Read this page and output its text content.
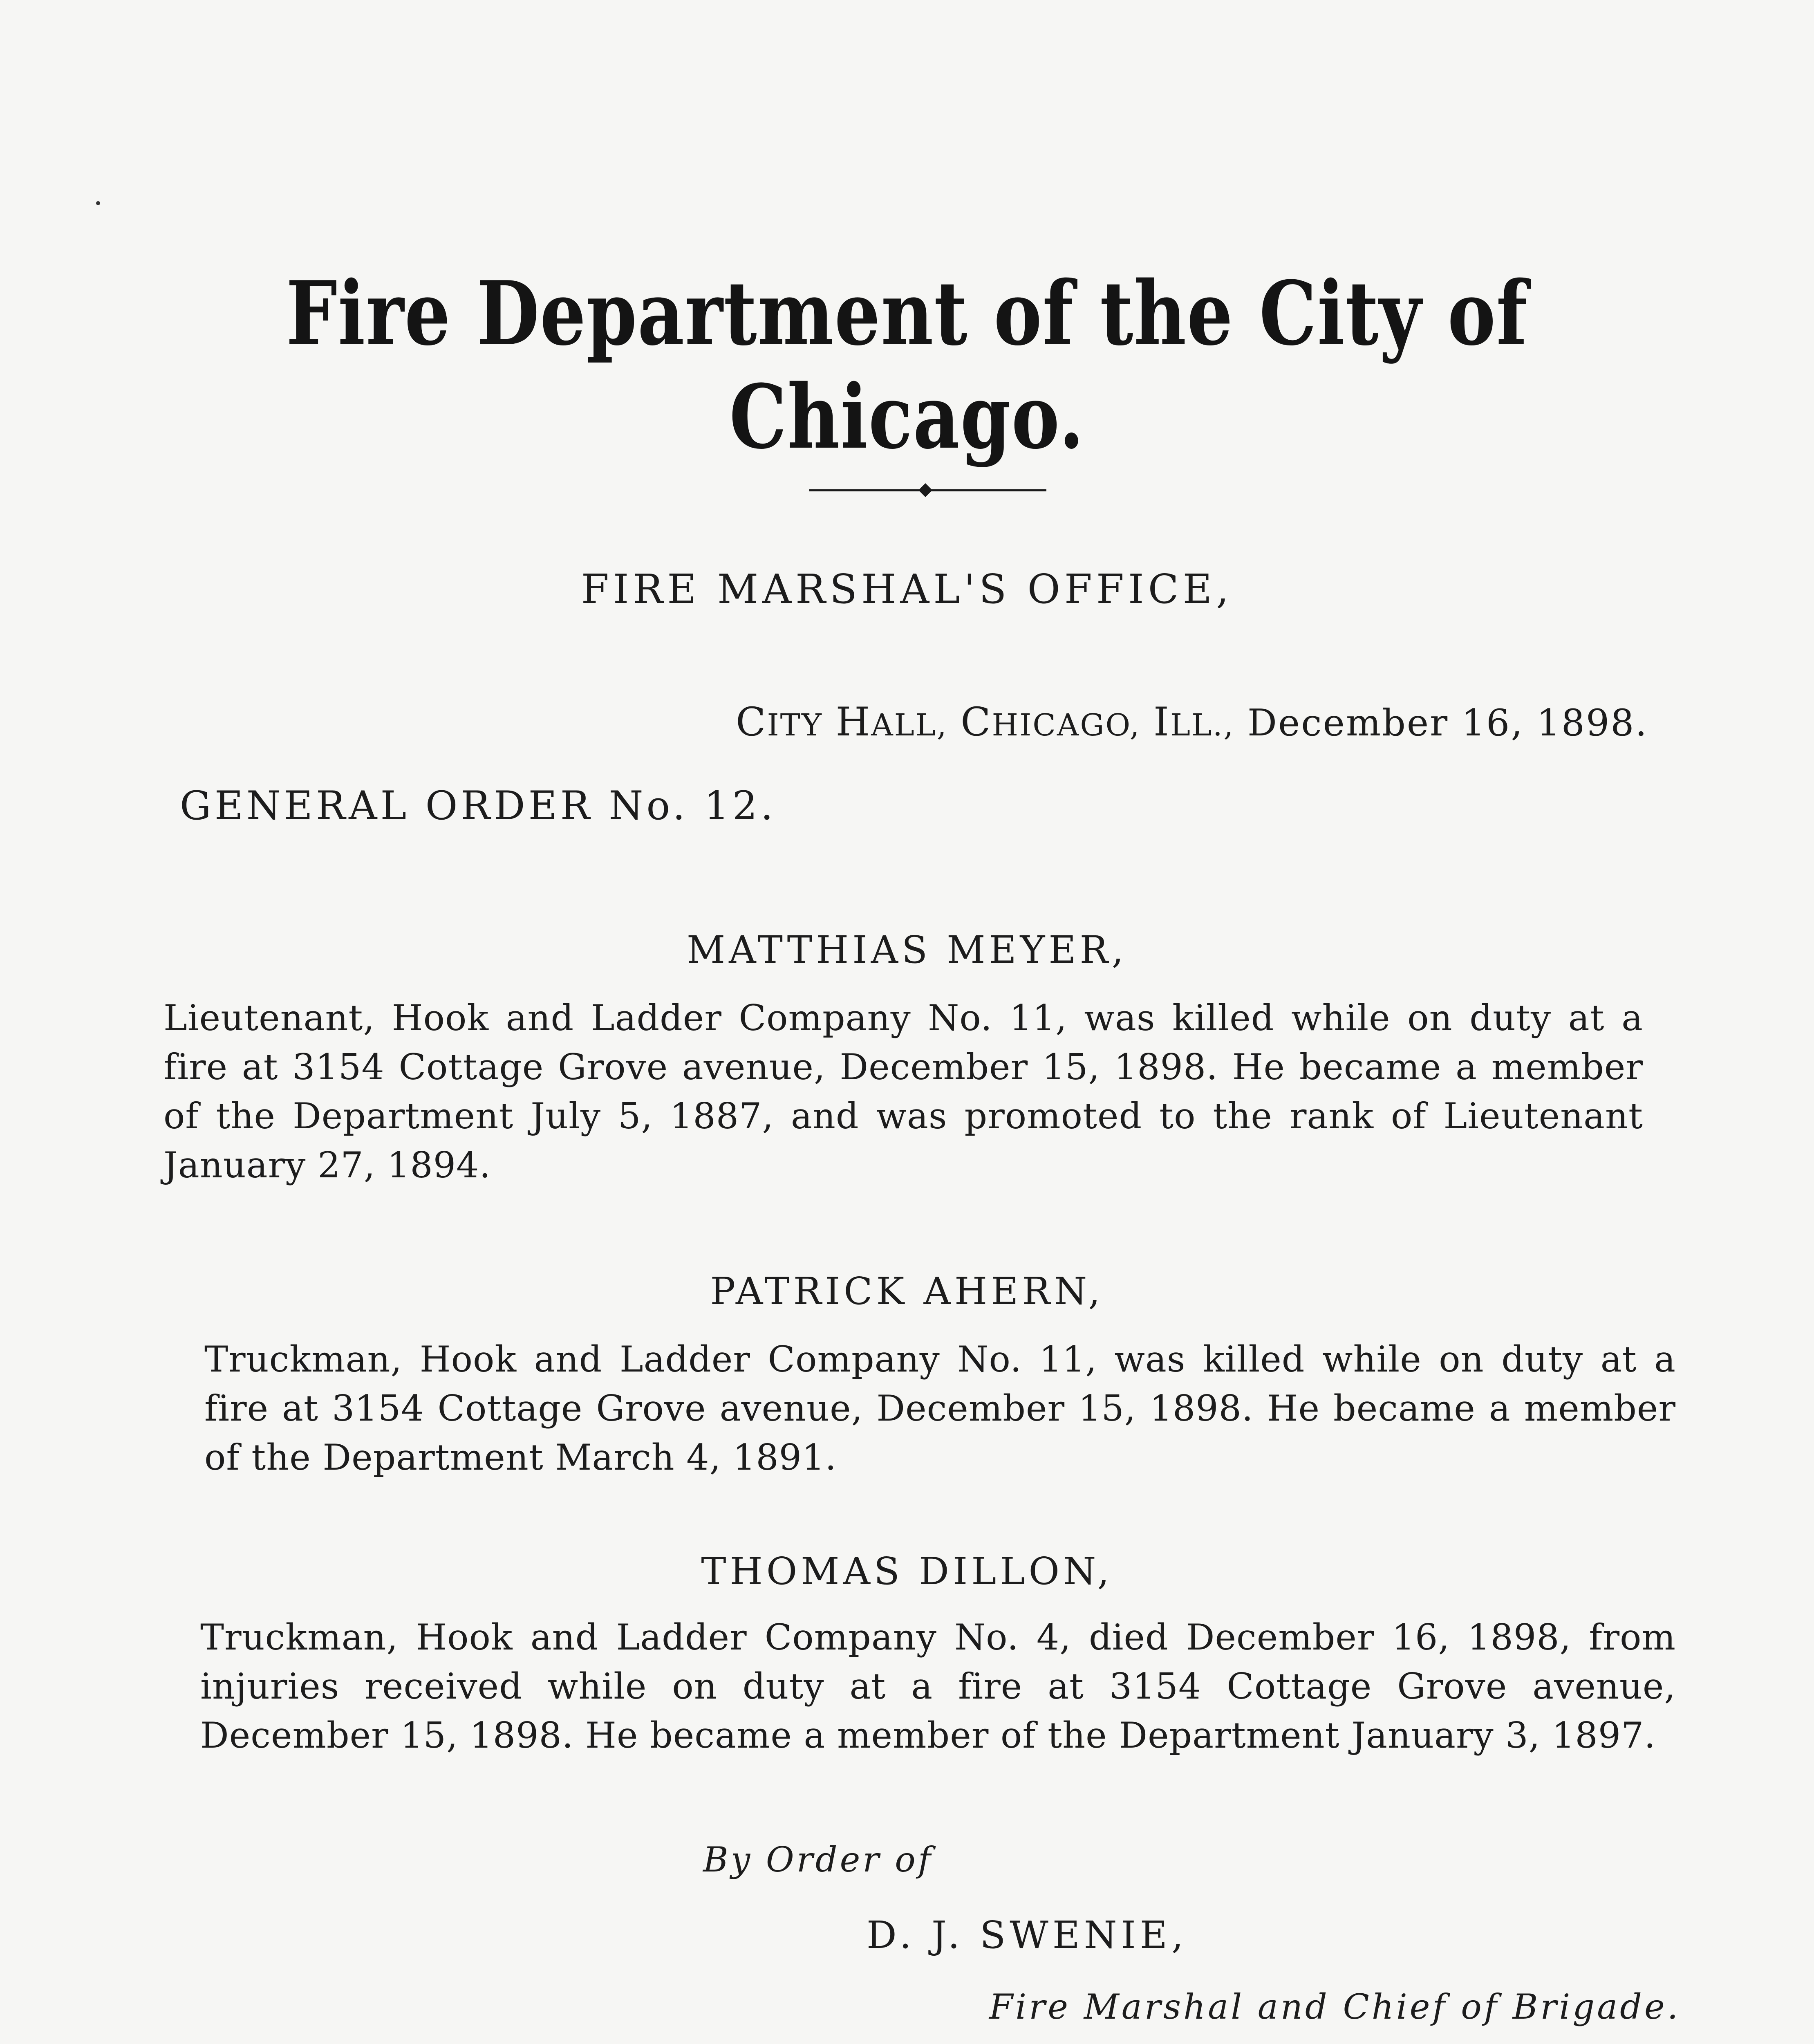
Fire Department of the City of Chicago.
FIRE MARSHAL'S OFFICE,
CITY HALL, CHICAGO, ILL., December 16, 1898.
GENERAL ORDER No. 12.
MATTHIAS MEYER,

Lieutenant, Hook and Ladder Company No. 11, was killed while on duty at a fire at 3154 Cottage Grove avenue, December 15, 1898. He became a member of the Department July 5, 1887, and was promoted to the rank of Lieutenant January 27, 1894.

PATRICK AHERN,

Truckman, Hook and Ladder Company No. 11, was killed while on duty at a fire at 3154 Cottage Grove avenue, December 15, 1898. He became a member of the Department March 4, 1891.

THOMAS DILLON,

Truckman, Hook and Ladder Company No. 4, died December 16, 1898, from injuries received while on duty at a fire at 3154 Cottage Grove avenue, December 15, 1898. He became a member of the Department January 3, 1897.

By Order of
D. J. SWENIE,
Fire Marshal and Chief of Brigade.
